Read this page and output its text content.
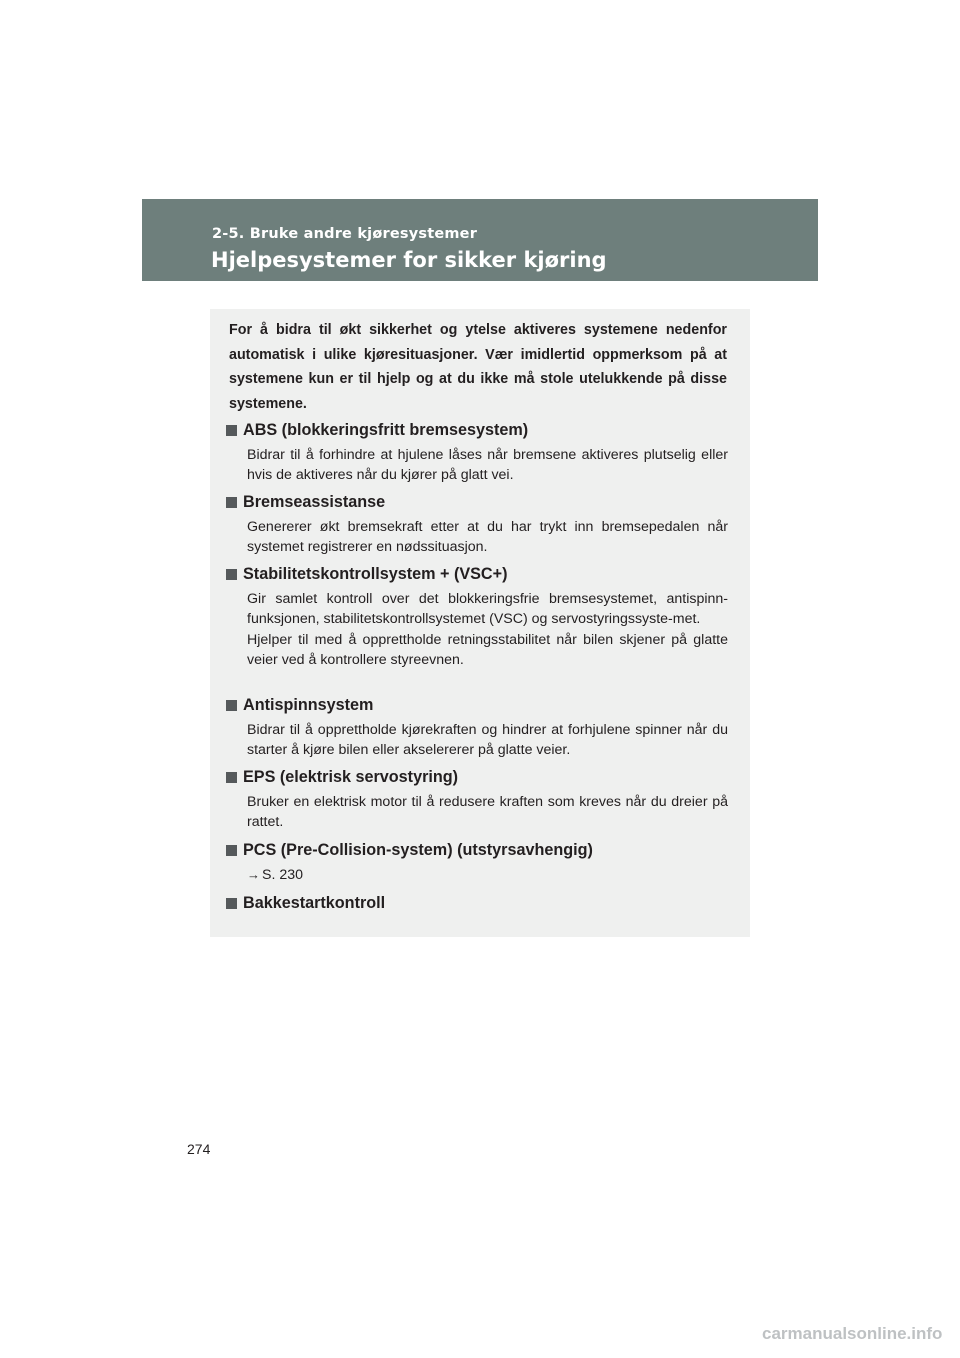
2-5. Bruke andre kjøresystemer
Hjelpesystemer for sikker kjøring

For å bidra til økt sikkerhet og ytelse aktiveres systemene nedenfor automatisk i ulike kjøresituasjoner. Vær imidlertid oppmerksom på at systemene kun er til hjelp og at du ikke må stole utelukkende på disse systemene.

ABS (blokkeringsfritt bremsesystem)
Bidrar til å forhindre at hjulene låses når bremsene aktiveres plutselig eller hvis de aktiveres når du kjører på glatt vei.
Bremseassistanse
Genererer økt bremsekraft etter at du har trykt inn bremsepedalen når systemet registrerer en nødssituasjon.
Stabilitetskontrollsystem + (VSC+)

Gir samlet kontroll over det blokkeringsfrie bremsesystemet, antispinn-funksjonen, stabilitetskontrollsystemet (VSC) og servostyringssyste-met.

Hjelper til med å opprettholde retningsstabilitet når bilen skjener på glatte veier ved å kontrollere styreevnen.

Antispinnsystem
Bidrar til å opprettholde kjørekraften og hindrer at forhjulene spinner når du starter å kjøre bilen eller akselererer på glatte veier.
EPS (elektrisk servostyring)
Bruker en elektrisk motor til å redusere kraften som kreves når du dreier på rattet.
PCS (Pre-Collision-system) (utstyrsavhengig)
→ S. 230
Bakkestartkontroll
274
carmanualsonline.info
